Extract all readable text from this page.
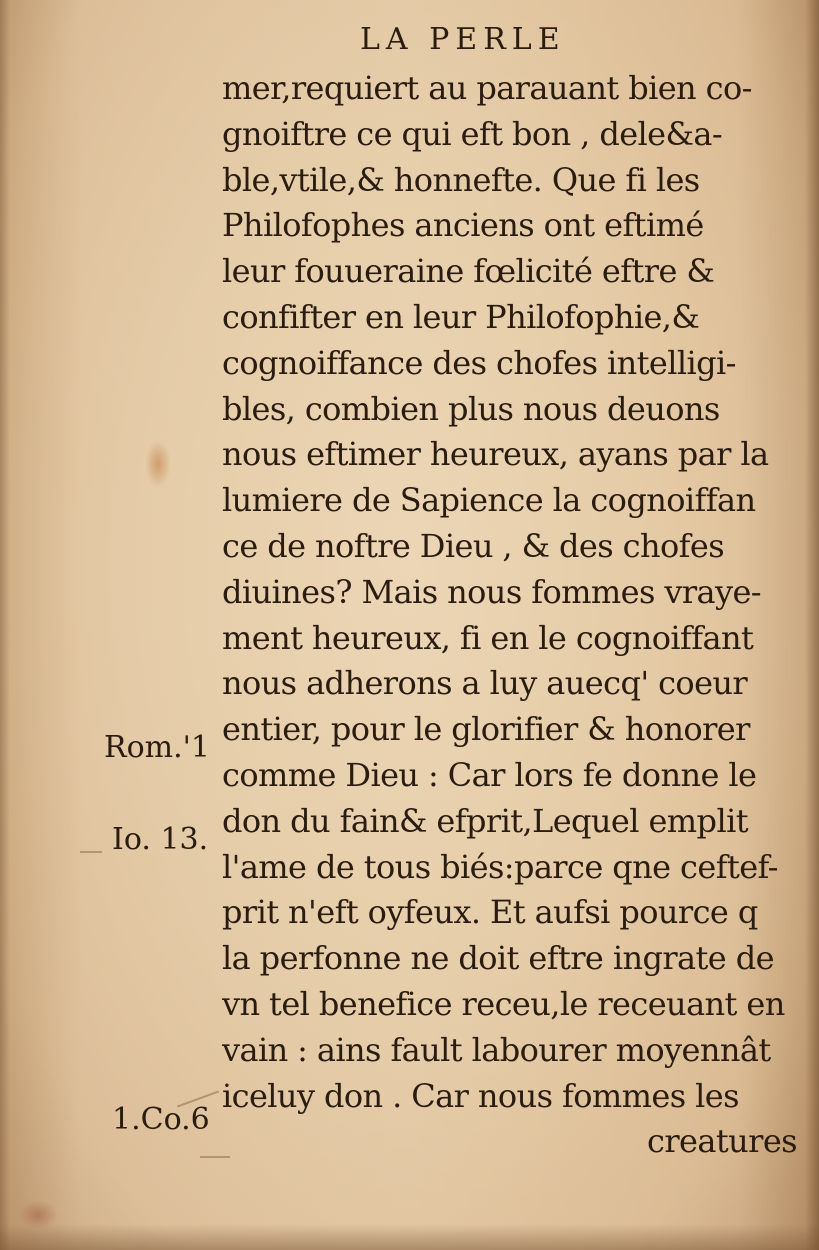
LA PERLE
mer,requiert au parauant bien co-
gnoiftre ce qui eft bon , dele&a-
ble,vtile,& honnefte. Que fi les
Philofophes anciens ont eftimé
leur fouueraine fœlicité eftre &
confifter en leur Philofophie,&
cognoiffance des chofes intelligi-
bles, combien plus nous deuons
nous eftimer heureux, ayans par la
lumiere de Sapience la cognoiffan
ce de noftre Dieu , & des chofes
diuines? Mais nous fommes vraye-
ment heureux, fi en le cognoiffant
nous adherons a luy auecq' coeur
entier, pour le glorifier & honorer
comme Dieu : Car lors fe donne le
don du fain& efprit,Lequel emplit
l'ame de tous biés:parce qne ceftef-
prit n'eft oyfeux. Et aufsi pource q
la perfonne ne doit eftre ingrate de
vn tel benefice receu,le receuant en
vain : ains fault labourer moyennât
iceluy don . Car nous fommes les
creatures
Rom.'1
Io. 13.
1.Co.6
